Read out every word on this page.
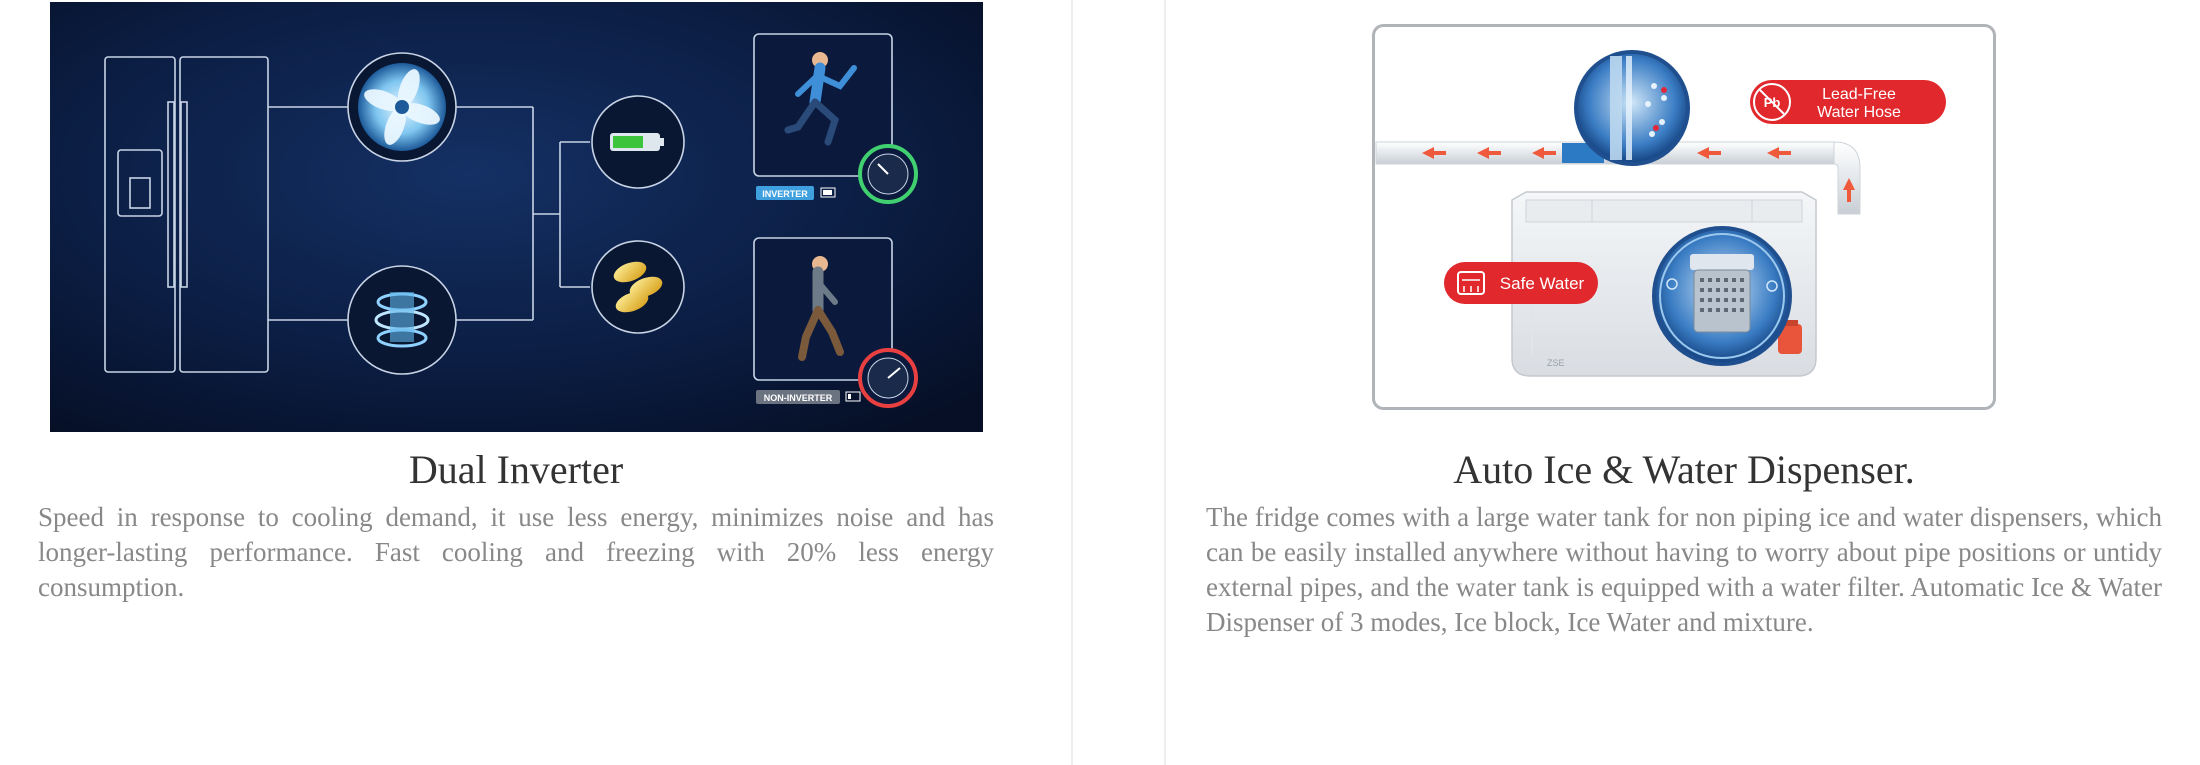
INVERTER
NON-INVERTER
Dual Inverter

Speed in response to cooling demand, it use less energy, minimizes noise and has longer-lasting performance. Fast cooling and freezing with 20% less energy consumption.

ZSE
Pb	Lead-Free
Water Hose
Safe Water
Auto Ice & Water Dispenser.

The fridge comes with a large water tank for non piping ice and water dispensers, which can be easily installed anywhere without having to worry about pipe positions or untidy external pipes, and the water tank is equipped with a water filter. Automatic Ice & Water Dispenser of 3 modes, Ice block, Ice Water and mixture.
